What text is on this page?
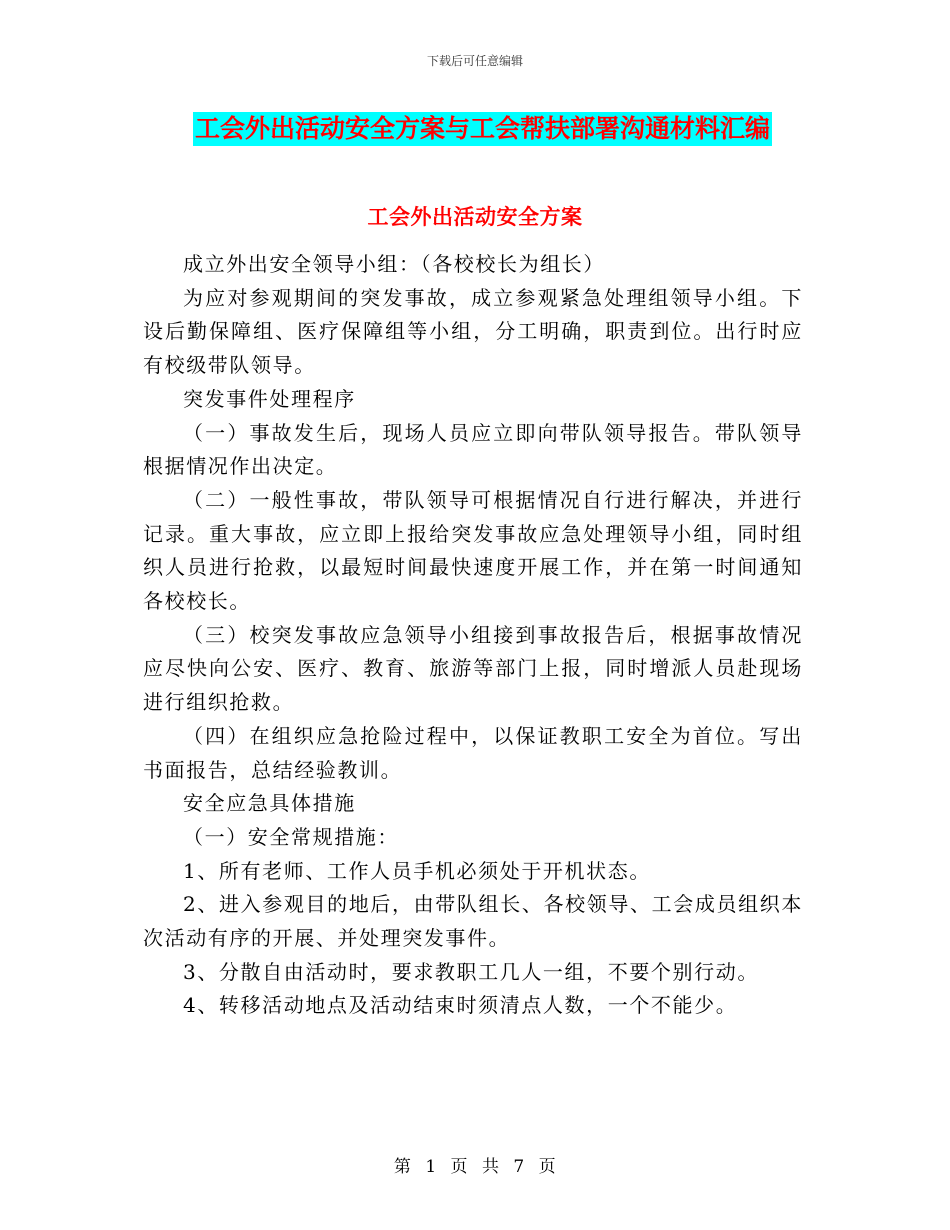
下载后可任意编辑
工会外出活动安全方案与工会帮扶部署沟通材料汇编
工会外出活动安全方案

成立外出安全领导小组：（各校校长为组长）

为应对参观期间的突发事故，成立参观紧急处理组领导小组。下设后勤保障组、医疗保障组等小组，分工明确，职责到位。出行时应有校级带队领导。

突发事件处理程序

（一）事故发生后，现场人员应立即向带队领导报告。带队领导根据情况作出决定。

（二）一般性事故，带队领导可根据情况自行进行解决，并进行记录。重大事故，应立即上报给突发事故应急处理领导小组，同时组织人员进行抢救，以最短时间最快速度开展工作，并在第一时间通知各校校长。

（三）校突发事故应急领导小组接到事故报告后，根据事故情况应尽快向公安、医疗、教育、旅游等部门上报，同时增派人员赴现场进行组织抢救。

（四）在组织应急抢险过程中，以保证教职工安全为首位。写出书面报告，总结经验教训。

安全应急具体措施

（一）安全常规措施：

1、所有老师、工作人员手机必须处于开机状态。

2、进入参观目的地后，由带队组长、各校领导、工会成员组织本次活动有序的开展、并处理突发事件。

3、分散自由活动时，要求教职工几人一组，不要个别行动。

4、转移活动地点及活动结束时须清点人数，一个不能少。

第 1 页 共 7 页
